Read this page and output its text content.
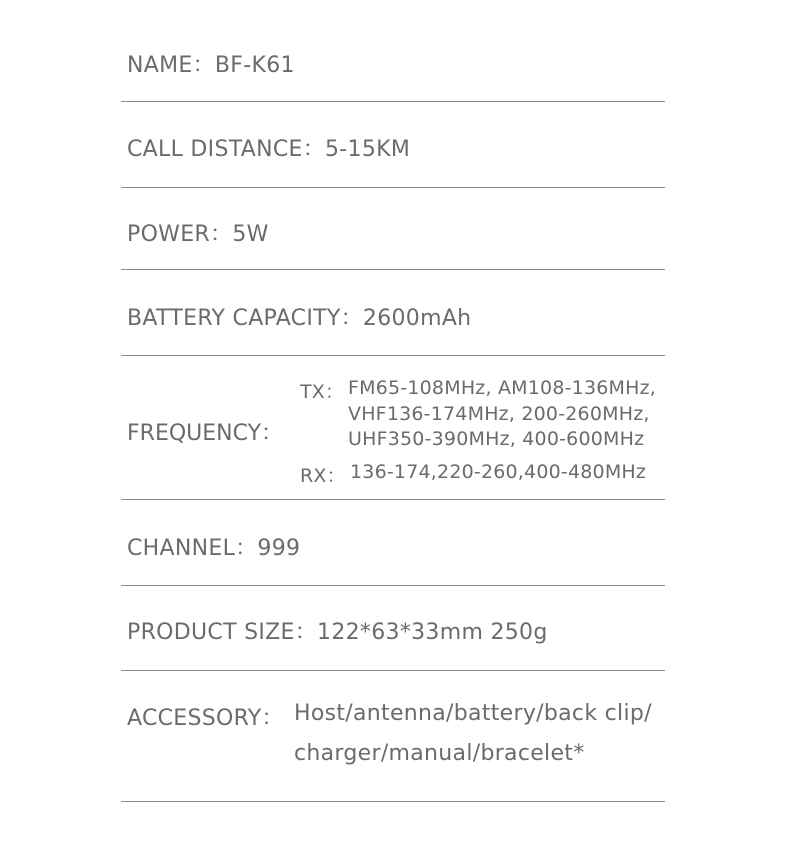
NAME：BF-K61
CALL DISTANCE：5-15KM
POWER：5W
BATTERY CAPACITY：2600mAh
FREQUENCY：
TX： FM65-108MHz, AM108-136MHz,
VHF136-174MHz, 200-260MHz,
UHF350-390MHz, 400-600MHz
RX： 136-174,220-260,400-480MHz
CHANNEL：999
PRODUCT SIZE：122*63*33mm 250g
ACCESSORY： Host/antenna/battery/back clip/
charger/manual/bracelet*
